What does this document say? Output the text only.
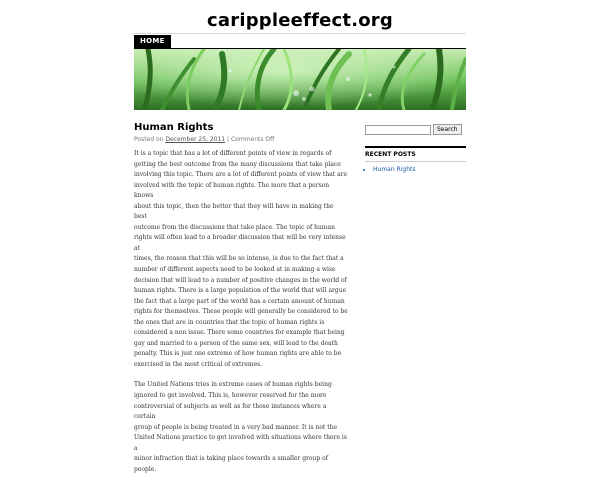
carippleeffect.org
HOME
Human Rights
Posted on December 25, 2011 | Comments Off

It is a topic that has a lot of different points of view in regards of
getting the best outcome from the many discussions that take place
involving this topic. There are a lot of different points of view that are
involved with the topic of human rights. The more that a person knows
about this topic, then the better that they will have in making the best
outcome from the discussions that take place. The topic of human
rights will often lead to a broader discussion that will be very intense at
times, the reason that this will be so intense, is due to the fact that a
number of different aspects need to be looked at in making a wise
decision that will lead to a number of positive changes in the world of
human rights. There is a large population of the world that will argue
the fact that a large part of the world has a certain amount of human
rights for themselves. These people will generally be considered to be
the ones that are in countries that the topic of human rights is
considered a non issue. There some countries for example that being
gay and married to a person of the same sex, will lead to the death
penalty. This is just one extreme of how human rights are able to be
exercised in the most critical of extremes.

The United Nations tries in extreme cases of human rights being
ignored to get involved. This is, however reserved for the more
controversial of subjects as well as for those instances where a certain
group of people is being treated in a very bad manner. It is not the
United Nations practice to get involved with situations where there is a
minor infraction that is taking place towards a smaller group of people.

Search
RECENT POSTS
• Human Rights
